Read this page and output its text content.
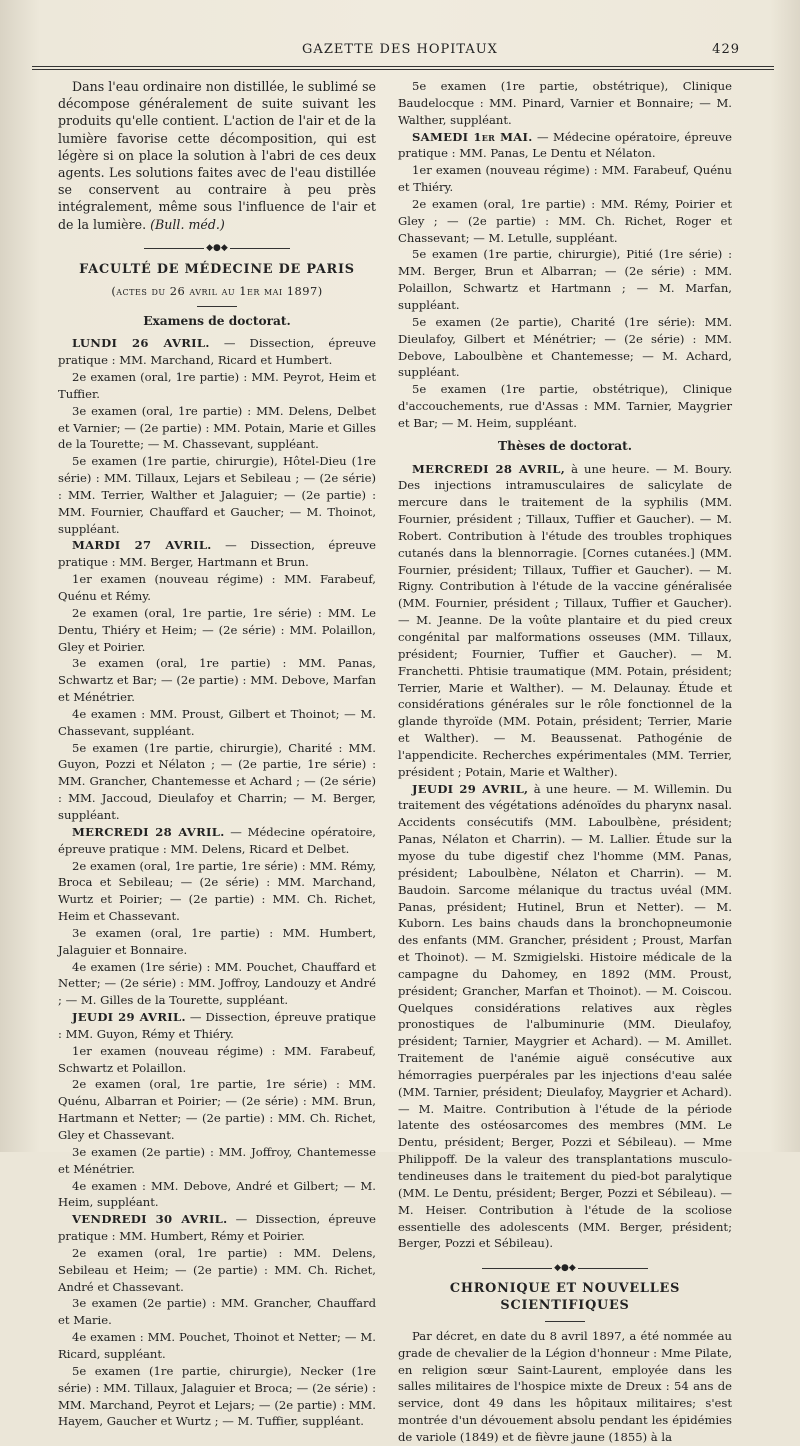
GAZETTE DES HOPITAUX	429

Dans l'eau ordinaire non distillée, le sublimé se décompose généralement de suite suivant les produits qu'elle contient. L'action de l'air et de la lumière favorise cette décomposition, qui est légère si on place la solution à l'abri de ces deux agents. Les solutions faites avec de l'eau distillée se conservent au contraire à peu près intégralement, même sous l'influence de l'air et de la lumière. (Bull. méd.)

◆●◆
FACULTÉ DE MÉDECINE DE PARIS
(actes du 26 avril au 1er mai 1897)
Examens de doctorat.

LUNDI 26 AVRIL. — Dissection, épreuve pratique : MM. Marchand, Ricard et Humbert.

2e examen (oral, 1re partie) : MM. Peyrot, Heim et Tuffier.

3e examen (oral, 1re partie) : MM. Delens, Delbet et Varnier; — (2e partie) : MM. Potain, Marie et Gilles de la Tourette; — M. Chassevant, suppléant.

5e examen (1re partie, chirurgie), Hôtel-Dieu (1re série) : MM. Tillaux, Lejars et Sebileau ; — (2e série) : MM. Terrier, Walther et Jalaguier; — (2e partie) : MM. Fournier, Chauffard et Gaucher; — M. Thoinot, suppléant.

MARDI 27 AVRIL. — Dissection, épreuve pratique : MM. Berger, Hartmann et Brun.

1er examen (nouveau régime) : MM. Farabeuf, Quénu et Rémy.

2e examen (oral, 1re partie, 1re série) : MM. Le Dentu, Thiéry et Heim; — (2e série) : MM. Polaillon, Gley et Poirier.

3e examen (oral, 1re partie) : MM. Panas, Schwartz et Bar; — (2e partie) : MM. Debove, Marfan et Ménétrier.

4e examen : MM. Proust, Gilbert et Thoinot; — M. Chassevant, suppléant.

5e examen (1re partie, chirurgie), Charité : MM. Guyon, Pozzi et Nélaton ; — (2e partie, 1re série) : MM. Grancher, Chantemesse et Achard ; — (2e série) : MM. Jaccoud, Dieulafoy et Charrin; — M. Berger, suppléant.

MERCREDI 28 AVRIL. — Médecine opératoire, épreuve pratique : MM. Delens, Ricard et Delbet.

2e examen (oral, 1re partie, 1re série) : MM. Rémy, Broca et Sebileau; — (2e série) : MM. Marchand, Wurtz et Poirier; — (2e partie) : MM. Ch. Richet, Heim et Chassevant.

3e examen (oral, 1re partie) : MM. Humbert, Jalaguier et Bonnaire.

4e examen (1re série) : MM. Pouchet, Chauffard et Netter; — (2e série) : MM. Joffroy, Landouzy et André ; — M. Gilles de la Tourette, suppléant.

JEUDI 29 AVRIL. — Dissection, épreuve pratique : MM. Guyon, Rémy et Thiéry.

1er examen (nouveau régime) : MM. Farabeuf, Schwartz et Polaillon.

2e examen (oral, 1re partie, 1re série) : MM. Quénu, Albarran et Poirier; — (2e série) : MM. Brun, Hartmann et Netter; — (2e partie) : MM. Ch. Richet, Gley et Chassevant.

3e examen (2e partie) : MM. Joffroy, Chantemesse et Ménétrier.

4e examen : MM. Debove, André et Gilbert; — M. Heim, suppléant.

VENDREDI 30 AVRIL. — Dissection, épreuve pratique : MM. Humbert, Rémy et Poirier.

2e examen (oral, 1re partie) : MM. Delens, Sebileau et Heim; — (2e partie) : MM. Ch. Richet, André et Chassevant.

3e examen (2e partie) : MM. Grancher, Chauffard et Marie.

4e examen : MM. Pouchet, Thoinot et Netter; — M. Ricard, suppléant.

5e examen (1re partie, chirurgie), Necker (1re série) : MM. Tillaux, Jalaguier et Broca; — (2e série) : MM. Marchand, Peyrot et Lejars; — (2e partie) : MM. Hayem, Gaucher et Wurtz ; — M. Tuffier, suppléant.

5e examen (1re partie, obstétrique), Clinique Baudelocque : MM. Pinard, Varnier et Bonnaire; — M. Walther, suppléant.

SAMEDI 1er MAI. — Médecine opératoire, épreuve pratique : MM. Panas, Le Dentu et Nélaton.

1er examen (nouveau régime) : MM. Farabeuf, Quénu et Thiéry.

2e examen (oral, 1re partie) : MM. Rémy, Poirier et Gley ; — (2e partie) : MM. Ch. Richet, Roger et Chassevant; — M. Letulle, suppléant.

5e examen (1re partie, chirurgie), Pitié (1re série) : MM. Berger, Brun et Albarran; — (2e série) : MM. Polaillon, Schwartz et Hartmann ; — M. Marfan, suppléant.

5e examen (2e partie), Charité (1re série): MM. Dieulafoy, Gilbert et Ménétrier; — (2e série) : MM. Debove, Laboulbène et Chantemesse; — M. Achard, suppléant.

5e examen (1re partie, obstétrique), Clinique d'accouchements, rue d'Assas : MM. Tarnier, Maygrier et Bar; — M. Heim, suppléant.

Thèses de doctorat.

MERCREDI 28 AVRIL, à une heure. — M. Boury. Des injections intramusculaires de salicylate de mercure dans le traitement de la syphilis (MM. Fournier, président ; Tillaux, Tuffier et Gaucher). — M. Robert. Contribution à l'étude des troubles trophiques cutanés dans la blennorragie. [Cornes cutanées.] (MM. Fournier, président; Tillaux, Tuffier et Gaucher). — M. Rigny. Contribution à l'étude de la vaccine généralisée (MM. Fournier, président ; Tillaux, Tuffier et Gaucher). — M. Jeanne. De la voûte plantaire et du pied creux congénital par malformations osseuses (MM. Tillaux, président; Fournier, Tuffier et Gaucher). — M. Franchetti. Phtisie traumatique (MM. Potain, président; Terrier, Marie et Walther). — M. Delaunay. Étude et considérations générales sur le rôle fonctionnel de la glande thyroïde (MM. Potain, président; Terrier, Marie et Walther). — M. Beaussenat. Pathogénie de l'appendicite. Recherches expérimentales (MM. Terrier, président ; Potain, Marie et Walther).

JEUDI 29 AVRIL, à une heure. — M. Willemin. Du traitement des végétations adénoïdes du pharynx nasal. Accidents consécutifs (MM. Laboulbène, président; Panas, Nélaton et Charrin). — M. Lallier. Étude sur la myose du tube digestif chez l'homme (MM. Panas, président; Laboulbène, Nélaton et Charrin). — M. Baudoin. Sarcome mélanique du tractus uvéal (MM. Panas, président; Hutinel, Brun et Netter). — M. Kuborn. Les bains chauds dans la bronchopneumonie des enfants (MM. Grancher, président ; Proust, Marfan et Thoinot). — M. Szmigielski. Histoire médicale de la campagne du Dahomey, en 1892 (MM. Proust, président; Grancher, Marfan et Thoinot). — M. Coiscou. Quelques considérations relatives aux règles pronostiques de l'albuminurie (MM. Dieulafoy, président; Tarnier, Maygrier et Achard). — M. Amillet. Traitement de l'anémie aiguë consécutive aux hémorragies puerpérales par les injections d'eau salée (MM. Tarnier, président; Dieulafoy, Maygrier et Achard). — M. Maitre. Contribution à l'étude de la période latente des ostéosarcomes des membres (MM. Le Dentu, président; Berger, Pozzi et Sébileau). — Mme Philippoff. De la valeur des transplantations musculo-tendineuses dans le traitement du pied-bot paralytique (MM. Le Dentu, président; Berger, Pozzi et Sébileau). — M. Heiser. Contribution à l'étude de la scoliose essentielle des adolescents (MM. Berger, président; Berger, Pozzi et Sébileau).

◆●◆
CHRONIQUE ET NOUVELLES SCIENTIFIQUES

Par décret, en date du 8 avril 1897, a été nommée au grade de chevalier de la Légion d'honneur : Mme Pilate, en religion sœur Saint-Laurent, employée dans les salles militaires de l'hospice mixte de Dreux : 54 ans de service, dont 49 dans les hôpitaux militaires; s'est montrée d'un dévouement absolu pendant les épidémies de variole (1849) et de fièvre jaune (1855) à la
